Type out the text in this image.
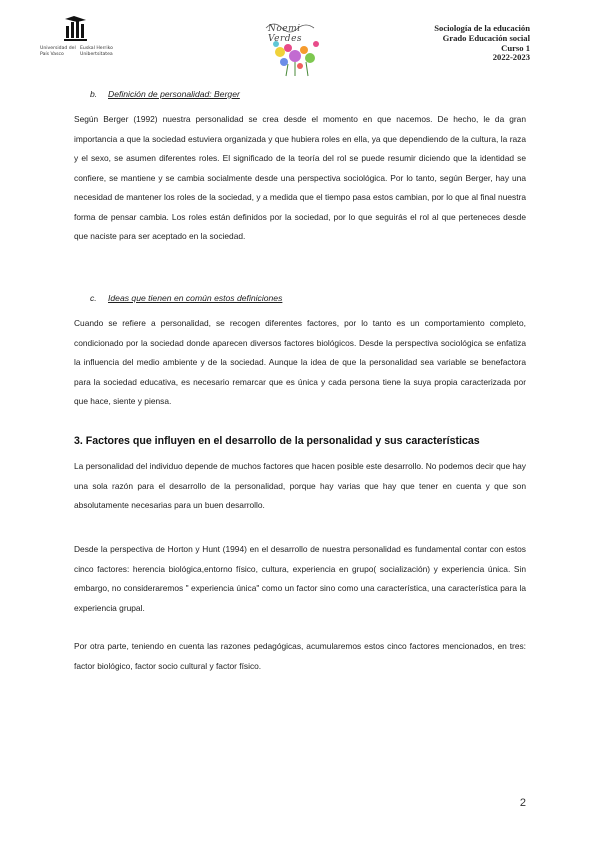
Universidad del País Vasco
Euskal Herriko Unibertsitatea
Noemi Verdes
Sociología de la educación
Grado Educación social
Curso 1
2022-2023
b. Definición de personalidad: Berger
Según Berger (1992) nuestra personalidad se crea desde el momento en que nacemos. De hecho, le da gran importancia a que la sociedad estuviera organizada y que hubiera roles en ella, ya que dependiendo de la cultura, la raza y el sexo, se asumen diferentes roles. El significado de la teoría del rol se puede resumir diciendo que la identidad se confiere, se mantiene y se cambia socialmente desde una perspectiva sociológica. Por lo tanto, según Berger, hay una necesidad de mantener los roles de la sociedad, y a medida que el tiempo pasa estos cambian, por lo que al final nuestra forma de pensar cambia. Los roles están definidos por la sociedad, por lo que seguirás el rol al que perteneces desde que naciste para ser aceptado en la sociedad.
c. Ideas que tienen en común estos definiciones
Cuando se refiere a personalidad, se recogen diferentes factores, por lo tanto es un comportamiento completo, condicionado por la sociedad donde aparecen diversos factores biológicos. Desde la perspectiva sociológica se enfatiza la influencia del medio ambiente y de la sociedad. Aunque la idea de que la personalidad sea variable se benefactora para la sociedad educativa, es necesario remarcar que es única y cada persona tiene la suya propia caracterizada por que hace, siente y piensa.
3. Factores que influyen en el desarrollo de la personalidad y sus características
La personalidad del individuo depende de muchos factores que hacen posible este desarrollo. No podemos decir que hay una sola razón para el desarrollo de la personalidad, porque hay varias que hay que tener en cuenta y que son absolutamente necesarias para un buen desarrollo.
Desde la perspectiva de Horton y Hunt (1994) en el desarrollo de nuestra personalidad es fundamental contar con estos cinco factores: herencia biológica,entorno físico, cultura, experiencia en grupo( socialización) y experiencia única. Sin embargo, no consideraremos " experiencia única" como un factor sino como una característica, una característica para la experiencia grupal.
Por otra parte, teniendo en cuenta las razones pedagógicas, acumularemos estos cinco factores mencionados, en tres: factor biológico, factor socio cultural y factor físico.
2
